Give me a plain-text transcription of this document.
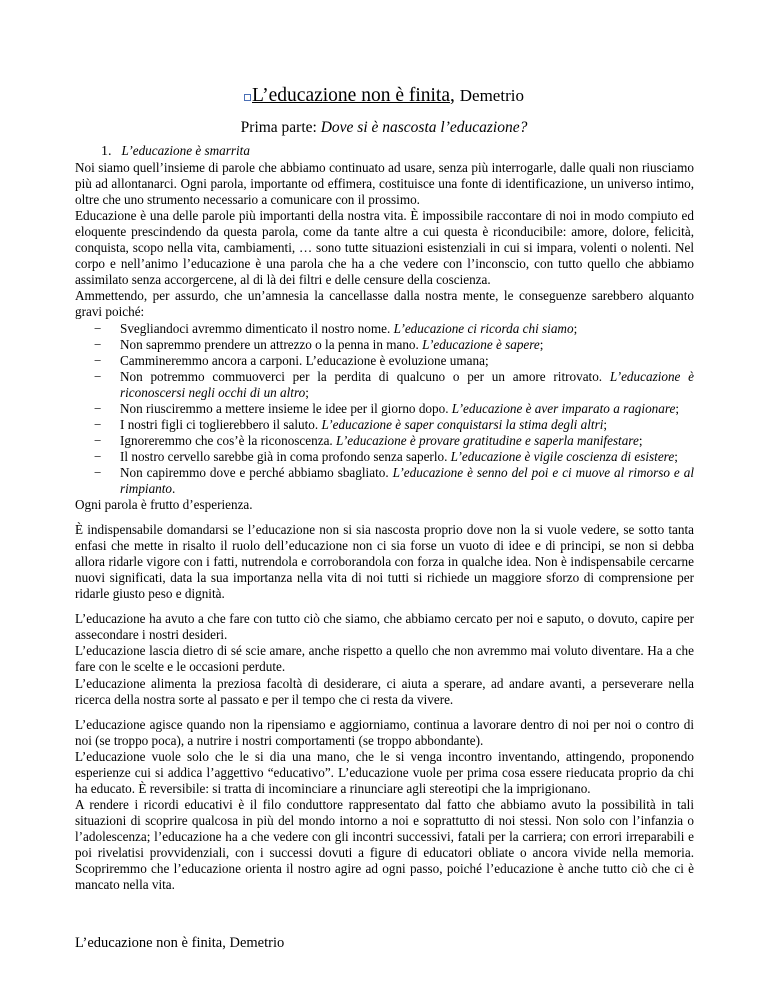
L’educazione non è finita, Demetrio
Prima parte: Dove si è nascosta l’educazione?

1. L’educazione è smarrita

Noi siamo quell’insieme di parole che abbiamo continuato ad usare, senza più interrogarle, dalle quali non riusciamo più ad allontanarci. Ogni parola, importante od effimera, costituisce una fonte di identificazione, un universo intimo, oltre che uno strumento necessario a comunicare con il prossimo.

Educazione è una delle parole più importanti della nostra vita. È impossibile raccontare di noi in modo compiuto ed eloquente prescindendo da questa parola, come da tante altre a cui questa è riconducibile: amore, dolore, felicità, conquista, scopo nella vita, cambiamenti, … sono tutte situazioni esistenziali in cui si impara, volenti o nolenti. Nel corpo e nell’animo l’educazione è una parola che ha a che vedere con l’inconscio, con tutto quello che abbiamo assimilato senza accorgercene, al di là dei filtri e delle censure della coscienza.

Ammettendo, per assurdo, che un’amnesia la cancellasse dalla nostra mente, le conseguenze sarebbero alquanto gravi poiché:

− Svegliandoci avremmo dimenticato il nostro nome. L’educazione ci ricorda chi siamo;
− Non sapremmo prendere un attrezzo o la penna in mano. L’educazione è sapere;
− Cammineremmo ancora a carponi. L’educazione è evoluzione umana;
− Non potremmo commuoverci per la perdita di qualcuno o per un amore ritrovato. L’educazione è riconoscersi negli occhi di un altro;
− Non riusciremmo a mettere insieme le idee per il giorno dopo. L’educazione è aver imparato a ragionare;
− I nostri figli ci toglierebbero il saluto. L’educazione è saper conquistarsi la stima degli altri;
− Ignoreremmo che cos’è la riconoscenza. L’educazione è provare gratitudine e saperla manifestare;
− Il nostro cervello sarebbe già in coma profondo senza saperlo. L’educazione è vigile coscienza di esistere;
− Non capiremmo dove e perché abbiamo sbagliato. L’educazione è senno del poi e ci muove al rimorso e al rimpianto.

Ogni parola è frutto d’esperienza.

È indispensabile domandarsi se l’educazione non si sia nascosta proprio dove non la si vuole vedere, se sotto tanta enfasi che mette in risalto il ruolo dell’educazione non ci sia forse un vuoto di idee e di principi, se non si debba allora ridarle vigore con i fatti, nutrendola e corroborandola con forza in qualche idea. Non è indispensabile cercarne nuovi significati, data la sua importanza nella vita di noi tutti si richiede un maggiore sforzo di comprensione per ridarle giusto peso e dignità.

L’educazione ha avuto a che fare con tutto ciò che siamo, che abbiamo cercato per noi e saputo, o dovuto, capire per assecondare i nostri desideri.

L’educazione lascia dietro di sé scie amare, anche rispetto a quello che non avremmo mai voluto diventare. Ha a che fare con le scelte e le occasioni perdute.

L’educazione alimenta la preziosa facoltà di desiderare, ci aiuta a sperare, ad andare avanti, a perseverare nella ricerca della nostra sorte al passato e per il tempo che ci resta da vivere.

L’educazione agisce quando non la ripensiamo e aggiorniamo, continua a lavorare dentro di noi per noi o contro di noi (se troppo poca), a nutrire i nostri comportamenti (se troppo abbondante).

L’educazione vuole solo che le si dia una mano, che le si venga incontro inventando, attingendo, proponendo esperienze cui si addica l’aggettivo “educativo”. L’educazione vuole per prima cosa essere rieducata proprio da chi ha educato. È reversibile: si tratta di incominciare a rinunciare agli stereotipi che la imprigionano.

A rendere i ricordi educativi è il filo conduttore rappresentato dal fatto che abbiamo avuto la possibilità in tali situazioni di scoprire qualcosa in più del mondo intorno a noi e soprattutto di noi stessi. Non solo con l’infanzia o l’adolescenza; l’educazione ha a che vedere con gli incontri successivi, fatali per la carriera; con errori irreparabili e poi rivelatisi provvidenziali, con i successi dovuti a figure di educatori obliate o ancora vivide nella memoria. Scopriremmo che l’educazione orienta il nostro agire ad ogni passo, poiché l’educazione è anche tutto ciò che ci è mancato nella vita.

L’educazione non è finita, Demetrio
